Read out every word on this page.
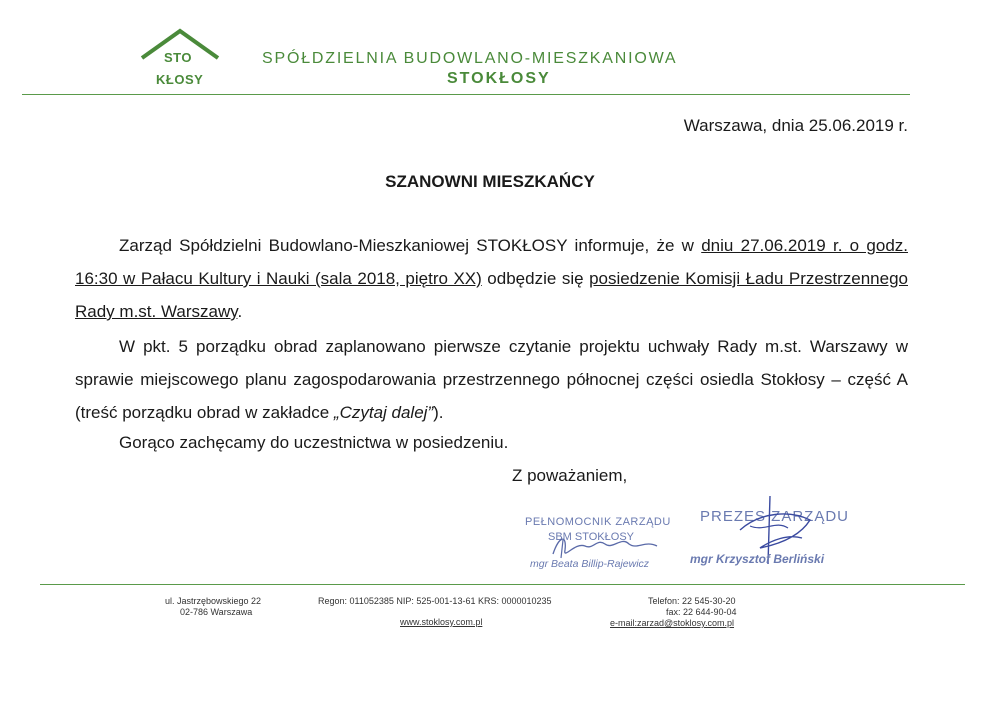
STO
KŁOSY
SPÓŁDZIELNIA BUDOWLANO-MIESZKANIOWA
STOKŁOSY
Warszawa, dnia 25.06.2019 r.
SZANOWNI MIESZKAŃCY
Zarząd Spółdzielni Budowlano-Mieszkaniowej STOKŁOSY informuje, że w dniu 27.06.2019 r. o godz. 16:30 w Pałacu Kultury i Nauki (sala 2018, piętro XX) odbędzie się posiedzenie Komisji Ładu Przestrzennego Rady m.st. Warszawy.
W pkt. 5 porządku obrad zaplanowano pierwsze czytanie projektu uchwały Rady m.st. Warszawy w sprawie miejscowego planu zagospodarowania przestrzennego północnej części osiedla Stokłosy – część A (treść porządku obrad w zakładce „Czytaj dalej”).
Gorąco zachęcamy do uczestnictwa w posiedzeniu.
Z poważaniem,
PEŁNOMOCNIK ZARZĄDU
SBM STOKŁOSY
mgr Beata Billip-Rajewicz
PREZES ZARZĄDU
mgr Krzysztof Berliński
ul. Jastrzębowskiego 22
02-786 Warszawa
Regon: 011052385 NIP: 525-001-13-61 KRS: 0000010235
www.stoklosy.com.pl
Telefon: 22 545-30-20
fax: 22 644-90-04
e-mail:zarzad@stoklosy.com.pl
